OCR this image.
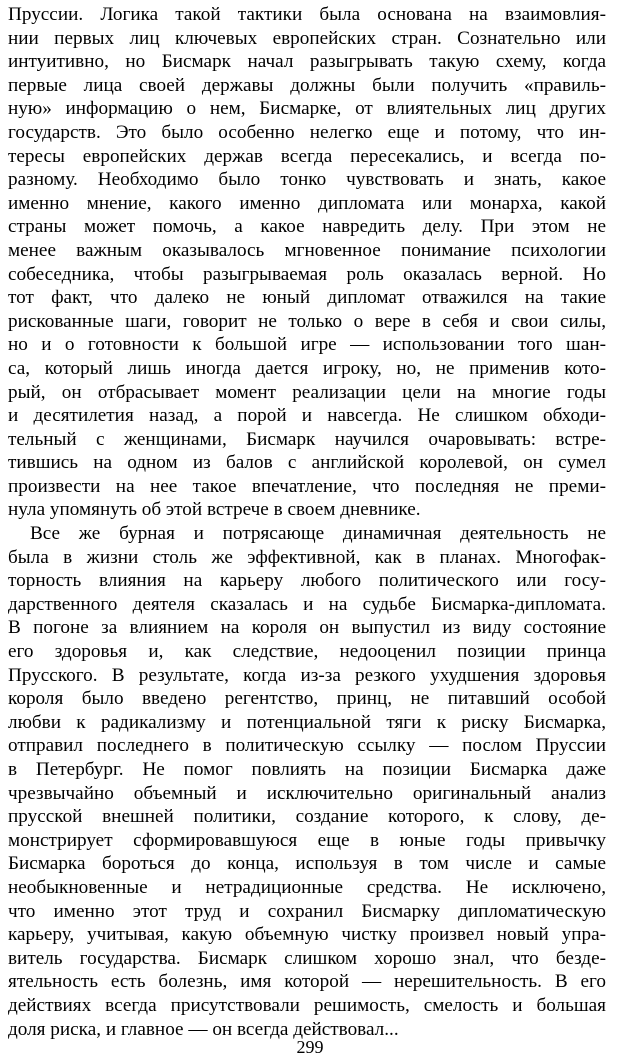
Пруссии. Логика такой тактики была основана на взаимовлия-
нии первых лиц ключевых европейских стран. Сознательно или
интуитивно, но Бисмарк начал разыгрывать такую схему, когда
первые лица своей державы должны были получить «правиль-
ную» информацию о нем, Бисмарке, от влиятельных лиц других
государств. Это было особенно нелегко еще и потому, что ин-
тересы европейских держав всегда пересекались, и всегда по-
разному. Необходимо было тонко чувствовать и знать, какое
именно мнение, какого именно дипломата или монарха, какой
страны может помочь, а какое навредить делу. При этом не
менее важным оказывалось мгновенное понимание психологии
собеседника, чтобы разыгрываемая роль оказалась верной. Но
тот факт, что далеко не юный дипломат отважился на такие
рискованные шаги, говорит не только о вере в себя и свои силы,
но и о готовности к большой игре — использовании того шан-
са, который лишь иногда дается игроку, но, не применив кото-
рый, он отбрасывает момент реализации цели на многие годы
и десятилетия назад, а порой и навсегда. Не слишком обходи-
тельный с женщинами, Бисмарк научился очаровывать: встре-
тившись на одном из балов с английской королевой, он сумел
произвести на нее такое впечатление, что последняя не преми-
нула упомянуть об этой встрече в своем дневнике.
Все же бурная и потрясающе динамичная деятельность не
была в жизни столь же эффективной, как в планах. Многофак-
торность влияния на карьеру любого политического или госу-
дарственного деятеля сказалась и на судьбе Бисмарка-дипломата.
В погоне за влиянием на короля он выпустил из виду состояние
его здоровья и, как следствие, недооценил позиции принца
Прусского. В результате, когда из-за резкого ухудшения здоровья
короля было введено регентство, принц, не питавший особой
любви к радикализму и потенциальной тяги к риску Бисмарка,
отправил последнего в политическую ссылку — послом Пруссии
в Петербург. Не помог повлиять на позиции Бисмарка даже
чрезвычайно объемный и исключительно оригинальный анализ
прусской внешней политики, создание которого, к слову, де-
монстрирует сформировавшуюся еще в юные годы привычку
Бисмарка бороться до конца, используя в том числе и самые
необыкновенные и нетрадиционные средства. Не исключено,
что именно этот труд и сохранил Бисмарку дипломатическую
карьеру, учитывая, какую объемную чистку произвел новый упра-
витель государства. Бисмарк слишком хорошо знал, что безде-
ятельность есть болезнь, имя которой — нерешительность. В его
действиях всегда присутствовали решимость, смелость и большая
доля риска, и главное — он всегда действовал...
299
